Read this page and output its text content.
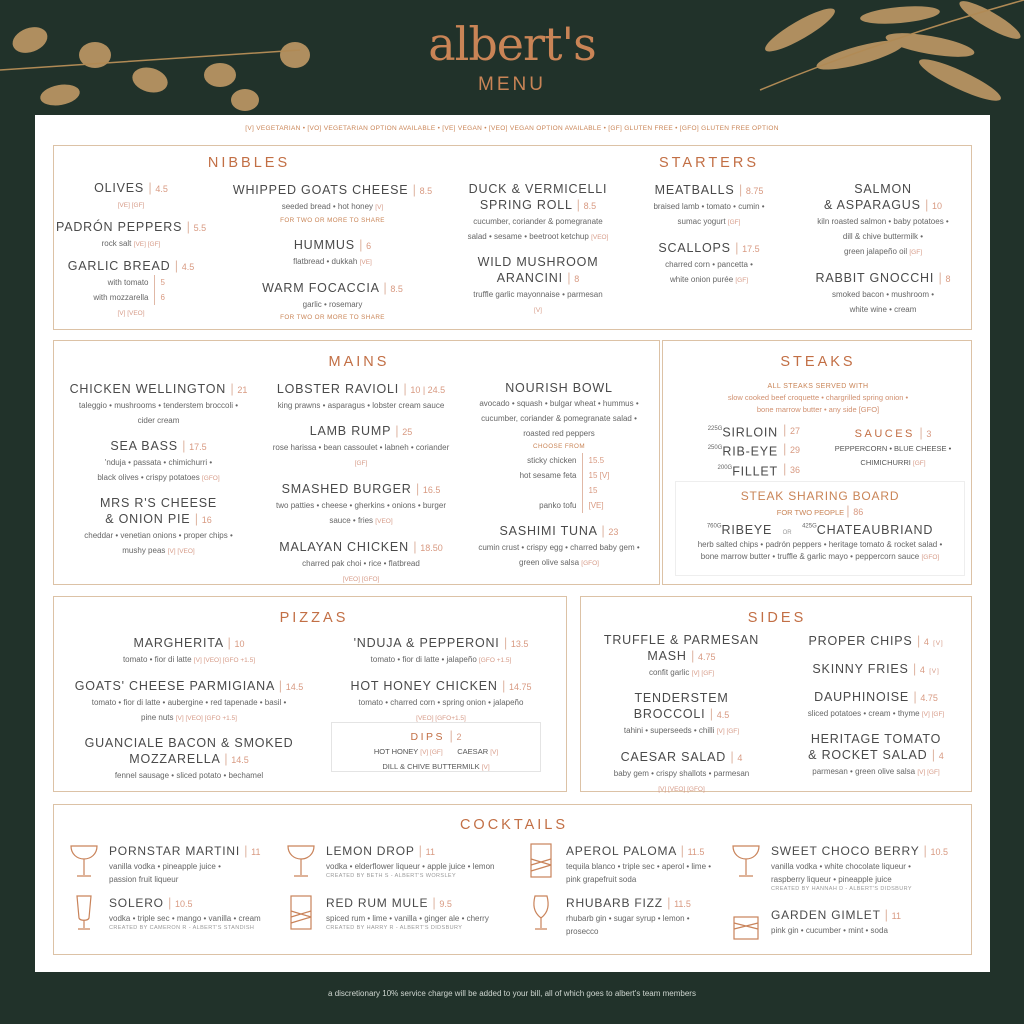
albert's
MENU
[V] VEGETARIAN • [VO] VEGETARIAN OPTION AVAILABLE • [VE] VEGAN • [VEO] VEGAN OPTION AVAILABLE • [GF] GLUTEN FREE • [GFO] GLUTEN FREE OPTION
NIBBLES	STARTERS
OLIVES | 4.5
[VE] [GF]
PADRÓN PEPPERS | 5.5
rock salt [VE] [GF]
GARLIC BREAD | 4.5
with tomato 5
with mozzarella 6
[V] [VEO]
WHIPPED GOATS CHEESE | 8.5
seeded bread • hot honey [V]
FOR TWO OR MORE TO SHARE
HUMMUS | 6
flatbread • dukkah [VE]
WARM FOCACCIA | 8.5
garlic • rosemary
FOR TWO OR MORE TO SHARE
DUCK & VERMICELLI
SPRING ROLL | 8.5
cucumber, coriander & pomegranate
salad • sesame • beetroot ketchup [VEO]
WILD MUSHROOM
ARANCINI | 8
truffle garlic mayonnaise • parmesan
[V]
MEATBALLS | 8.75
braised lamb • tomato • cumin •
sumac yogurt [GF]
SCALLOPS | 17.5
charred corn • pancetta •
white onion purée [GF]
SALMON
& ASPARAGUS | 10
kiln roasted salmon • baby potatoes •
dill & chive buttermilk •
green jalapeño oil [GF]
RABBIT GNOCCHI | 8
smoked bacon • mushroom •
white wine • cream
MAINS
CHICKEN WELLINGTON | 21
taleggio • mushrooms • tenderstem broccoli •
cider cream
SEA BASS | 17.5
'nduja • passata • chimichurri •
black olives • crispy potatoes [GFO]
MRS R'S CHEESE
& ONION PIE | 16
cheddar • venetian onions • proper chips •
mushy peas [V] [VEO]
LOBSTER RAVIOLI | 10 | 24.5
king prawns • asparagus • lobster cream sauce
LAMB RUMP | 25
rose harissa • bean cassoulet • labneh • coriander
[GF]
SMASHED BURGER | 16.5
two patties • cheese • gherkins • onions • burger
sauce • fries [VEO]
MALAYAN CHICKEN | 18.50
charred pak choi • rice • flatbread
[VEO] [GFO]
NOURISH BOWL
avocado • squash • bulgar wheat • hummus •
cucumber, coriander & pomegranate salad •
roasted red peppers
CHOOSE FROM
sticky chicken 15.5
hot sesame feta 15 [V]
panko tofu15 [VE]
SASHIMI TUNA | 23
cumin crust • crispy egg • charred baby gem •
green olive salsa [GFO]
STEAKS
ALL STEAKS SERVED WITH
slow cooked beef croquette • chargrilled spring onion •
bone marrow butter • any side [GFO]
$^{225G}$SIRLOIN	| 27
$^{250G}$RIB-EYE	| 29
$^{200G}$FILLET	| 36
SAUCES | 3
PEPPERCORN • BLUE CHEESE •
CHIMICHURRI [GF]
STEAK SHARING BOARD
FOR TWO PEOPLE | 86
$^{760G}$RIBEYE OR $^{425G}$CHATEAUBRIAND
herb salted chips • padrón peppers • heritage tomato & rocket salad •
bone marrow butter • truffle & garlic mayo • peppercorn sauce [GFO]
PIZZAS
MARGHERITA | 10
tomato • fior di latte [V] [VEO] [GFO +1.5]
GOATS' CHEESE PARMIGIANA | 14.5
tomato • fior di latte • aubergine • red tapenade • basil •
pine nuts [V] [VEO] [GFO +1.5]
GUANCIALE BACON & SMOKED
MOZZARELLA | 14.5
fennel sausage • sliced potato • bechamel
'NDUJA & PEPPERONI | 13.5
tomato • fior di latte • jalapeño [GFO +1.5]
HOT HONEY CHICKEN | 14.75
tomato • charred corn • spring onion • jalapeño
[VEO] [GFO+1.5]
DIPS | 2
HOT HONEY [V] [GF] CAESAR [V]
DILL & CHIVE BUTTERMILK [V]
SIDES
TRUFFLE & PARMESAN
MASH | 4.75
confit garlic [V] [GF]
TENDERSTEM
BROCCOLI | 4.5
tahini • superseeds • chilli [V] [GF]
CAESAR SALAD | 4
baby gem • crispy shallots • parmesan
[V] [VEO] [GFO]
PROPER CHIPS | 4 [V]
SKINNY FRIES | 4 [V]
DAUPHINOISE | 4.75
sliced potatoes • cream • thyme [V] [GF]
HERITAGE TOMATO
& ROCKET SALAD | 4
parmesan • green olive salsa [V] [GF]
COCKTAILS
PORNSTAR MARTINI | 11
vanilla vodka • pineapple juice •
passion fruit liqueur
SOLERO | 10.5
vodka • triple sec • mango • vanilla • cream
CREATED BY CAMERON R - ALBERT'S STANDISH
LEMON DROP | 11
vodka • elderflower liqueur • apple juice • lemon
CREATED BY BETH S - ALBERT'S WORSLEY
RED RUM MULE | 9.5
spiced rum • lime • vanilla • ginger ale • cherry
CREATED BY HARRY R - ALBERT'S DIDSBURY
APEROL PALOMA | 11.5
tequila blanco • triple sec • aperol • lime •
pink grapefruit soda
RHUBARB FIZZ | 11.5
rhubarb gin • sugar syrup • lemon •
prosecco
SWEET CHOCO BERRY | 10.5
vanilla vodka • white chocolate liqueur •
raspberry liqueur • pineapple juice
CREATED BY HANNAH D - ALBERT'S DIDSBURY
GARDEN GIMLET | 11
pink gin • cucumber • mint • soda
a discretionary 10% service charge will be added to your bill, all of which goes to albert's team members
